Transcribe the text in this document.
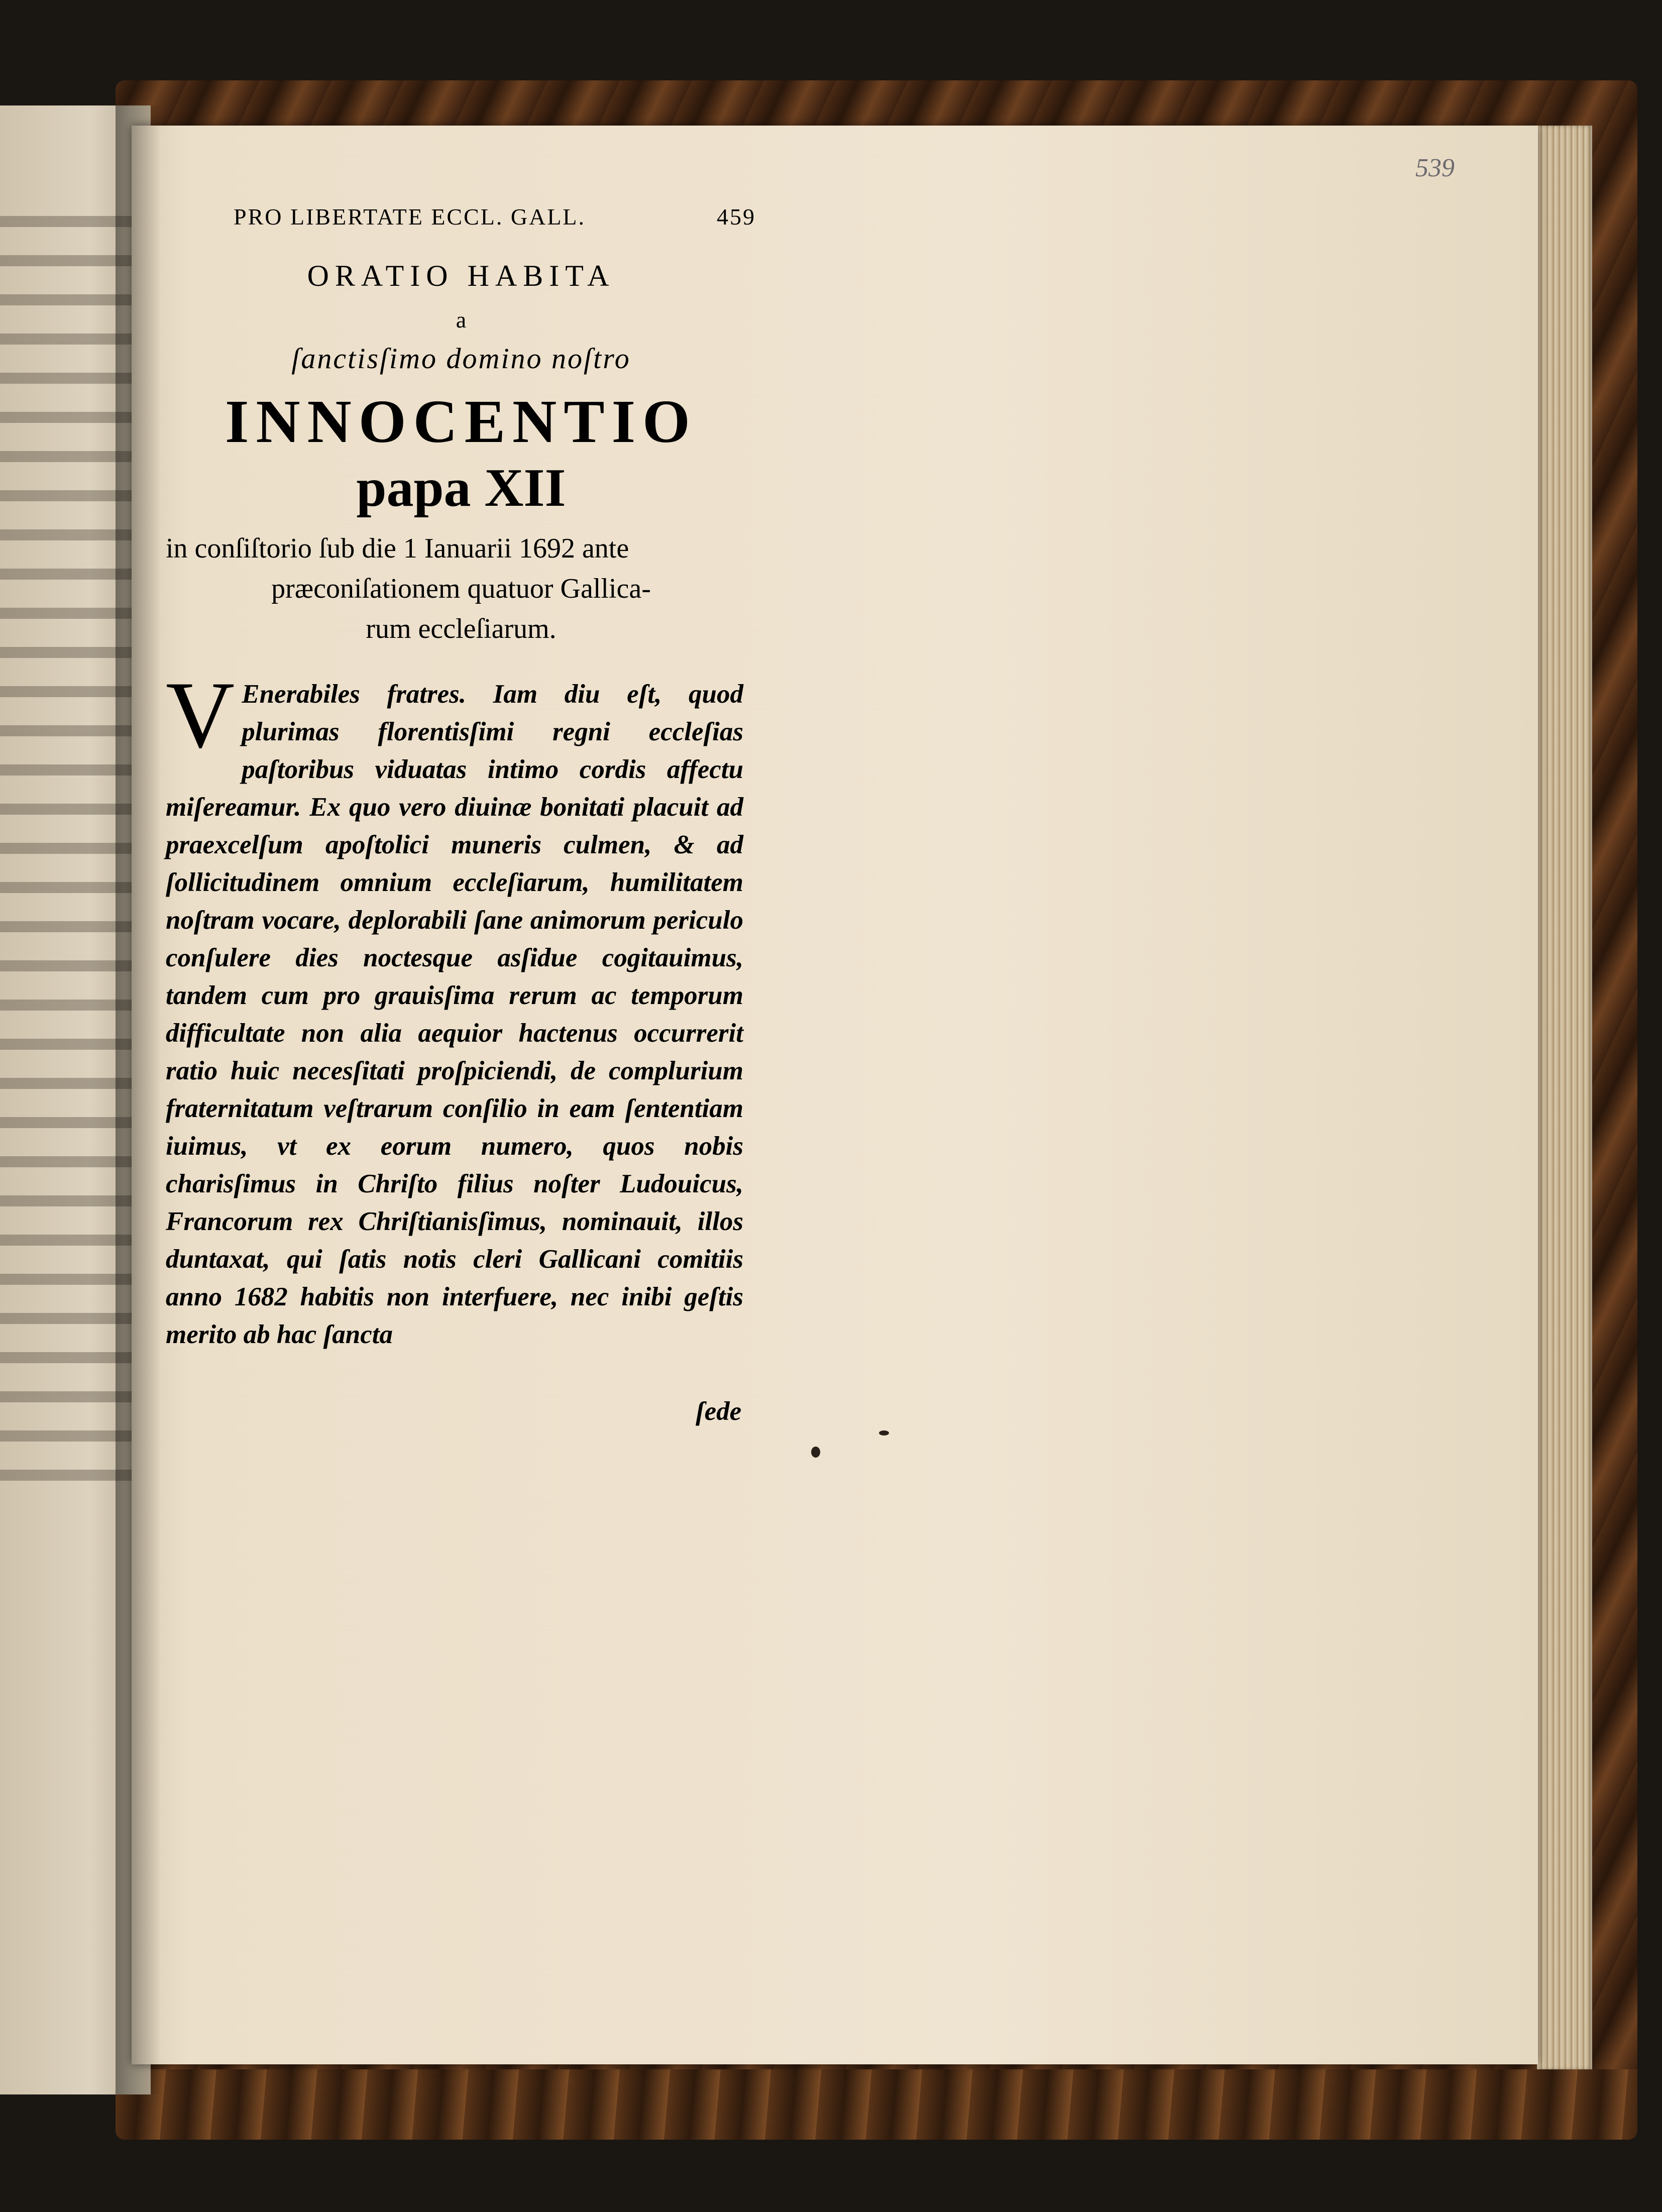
PRO LIBERTATE ECCL. GALL.	459
539
ORATIO HABITA
a
ſanctisſimo domino noſtro
INNOCENTIO
papa XII
in conſiſtorio ſub die 1 Ianuarii 1692 ante
præconiſationem quatuor Gallica-
rum eccleſiarum.
V Enerabiles fratres. Iam diu eſt, quod plurimas florentisſimi regni eccleſias paſtoribus viduatas intimo cordis affectu miſereamur. Ex quo vero diuinæ bonitati placuit ad praexcelſum apoſtolici muneris culmen, & ad ſollicitudinem omnium eccleſiarum, humilitatem noſtram vocare, deplorabili ſane animorum periculo conſulere dies noctesque asſidue cogitauimus, tandem cum pro grauisſima rerum ac temporum difficultate non alia aequior hactenus occurrerit ratio huic necesſitati proſpiciendi, de complurium fraternitatum veſtrarum conſilio in eam ſententiam iuimus, vt ex eorum numero, quos nobis charisſimus in Chriſto filius noſter Ludouicus, Francorum rex Chriſtianisſimus, nominauit, illos duntaxat, qui ſatis notis cleri Gallicani comitiis anno 1682 habitis non interfuere, nec inibi geſtis merito ab hac ſancta

ſede
